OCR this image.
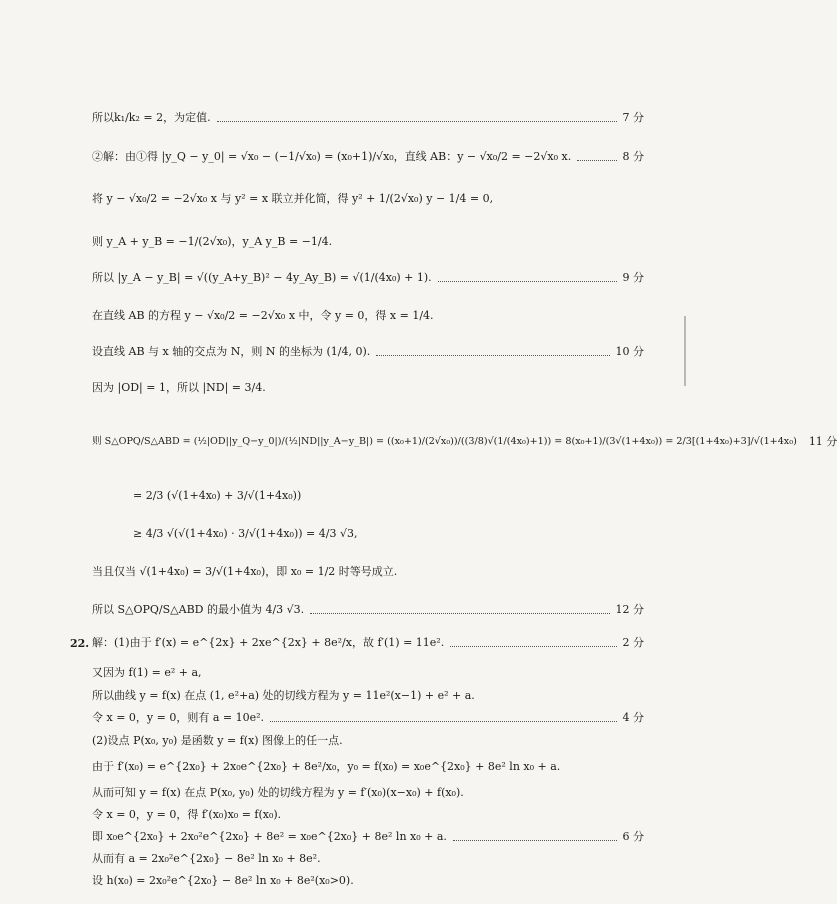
所以k₁/k₂ = 2，为定值.	7 分
②解：由①得 |y_Q − y_0| = √x₀ − (−1/√x₀) = (x₀+1)/√x₀，直线 AB：y − √x₀/2 = −2√x₀ x.	8 分
将 y − √x₀/2 = −2√x₀ x 与 y² = x 联立并化简，得 y² + 1/(2√x₀) y − 1/4 = 0,
则 y_A + y_B = −1/(2√x₀)，y_A y_B = −1/4.
所以 |y_A − y_B| = √((y_A+y_B)² − 4y_Ay_B) = √(1/(4x₀) + 1).	9 分
在直线 AB 的方程 y − √x₀/2 = −2√x₀ x 中，令 y = 0，得 x = 1/4.
设直线 AB 与 x 轴的交点为 N，则 N 的坐标为 (1/4, 0).	10 分
因为 |OD| = 1，所以 |ND| = 3/4.
则 S△OPQ/S△ABD = (½|OD||y_Q−y_0|)/(½|ND||y_A−y_B|) = ((x₀+1)/(2√x₀))/((3/8)√(1/(4x₀)+1)) = 8(x₀+1)/(3√(1+4x₀)) = 2/3[(1+4x₀)+3]/√(1+4x₀) 11 分
= 2/3 (√(1+4x₀) + 3/√(1+4x₀))
≥ 4/3 √(√(1+4x₀) · 3/√(1+4x₀)) = 4/3 √3,
当且仅当 √(1+4x₀) = 3/√(1+4x₀)，即 x₀ = 1/2 时等号成立.
所以 S△OPQ/S△ABD 的最小值为 4/3 √3.	12 分
22. 解：(1)由于 f′(x) = e^{2x} + 2xe^{2x} + 8e²/x，故 f′(1) = 11e².	2 分
又因为 f(1) = e² + a,
所以曲线 y = f(x) 在点 (1, e²+a) 处的切线方程为 y = 11e²(x−1) + e² + a.
令 x = 0，y = 0，则有 a = 10e².	4 分
(2)设点 P(x₀, y₀) 是函数 y = f(x) 图像上的任一点.
由于 f′(x₀) = e^{2x₀} + 2x₀e^{2x₀} + 8e²/x₀，y₀ = f(x₀) = x₀e^{2x₀} + 8e² ln x₀ + a.
从而可知 y = f(x) 在点 P(x₀, y₀) 处的切线方程为 y = f′(x₀)(x−x₀) + f(x₀).
令 x = 0，y = 0，得 f′(x₀)x₀ = f(x₀).
即 x₀e^{2x₀} + 2x₀²e^{2x₀} + 8e² = x₀e^{2x₀} + 8e² ln x₀ + a.	6 分
从而有 a = 2x₀²e^{2x₀} − 8e² ln x₀ + 8e².
设 h(x₀) = 2x₀²e^{2x₀} − 8e² ln x₀ + 8e²(x₀>0).
